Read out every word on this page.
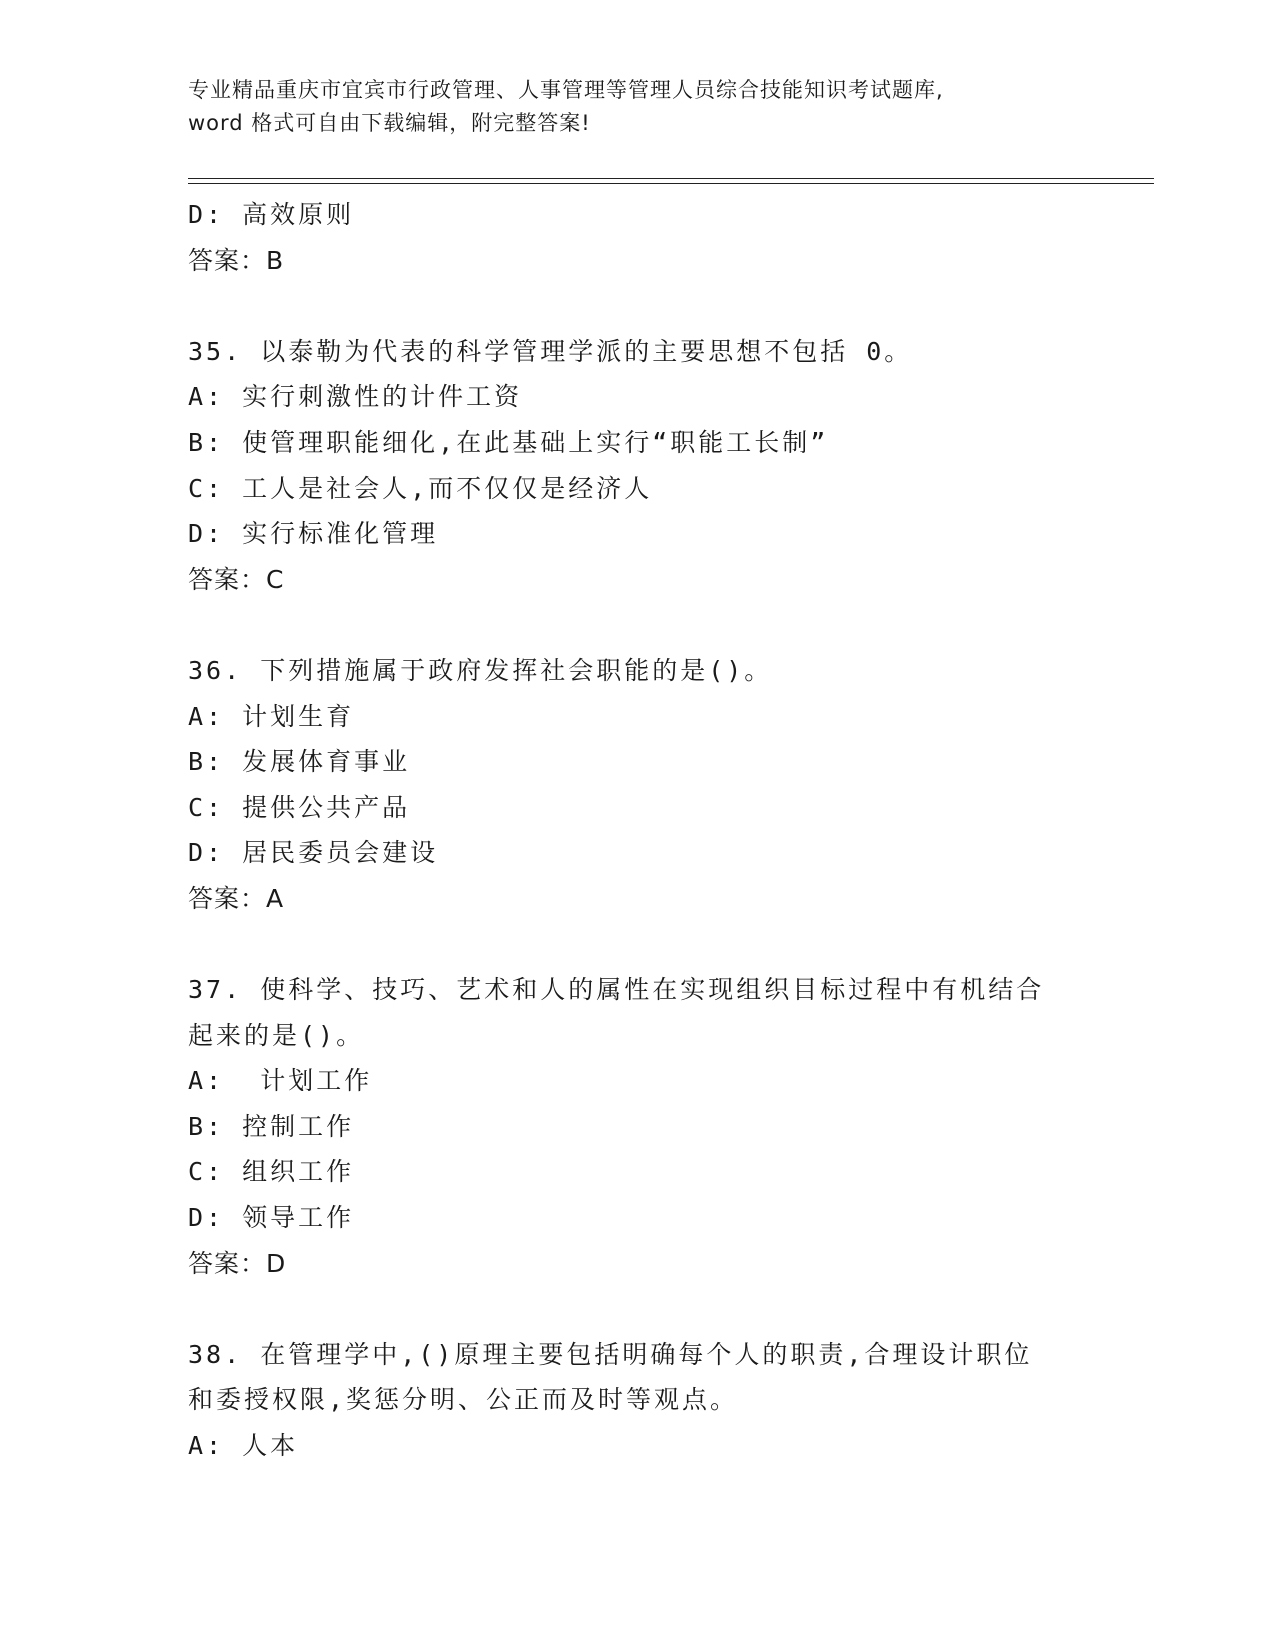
专业精品重庆市宜宾市行政管理、人事管理等管理人员综合技能知识考试题库,
word 格式可自由下载编辑，附完整答案!
D: 高效原则
答案：B
35. 以泰勒为代表的科学管理学派的主要思想不包括 0。
A: 实行刺激性的计件工资
B: 使管理职能细化,在此基础上实行“职能工长制”
C: 工人是社会人,而不仅仅是经济人
D: 实行标准化管理
答案：C
36. 下列措施属于政府发挥社会职能的是()。
A: 计划生育
B: 发展体育事业
C: 提供公共产品
D: 居民委员会建设
答案：A
37. 使科学、技巧、艺术和人的属性在实现组织目标过程中有机结合起来的是()。
A:  计划工作
B: 控制工作
C: 组织工作
D: 领导工作
答案：D
38. 在管理学中,()原理主要包括明确每个人的职责,合理设计职位和委授权限,奖惩分明、公正而及时等观点。
A: 人本
